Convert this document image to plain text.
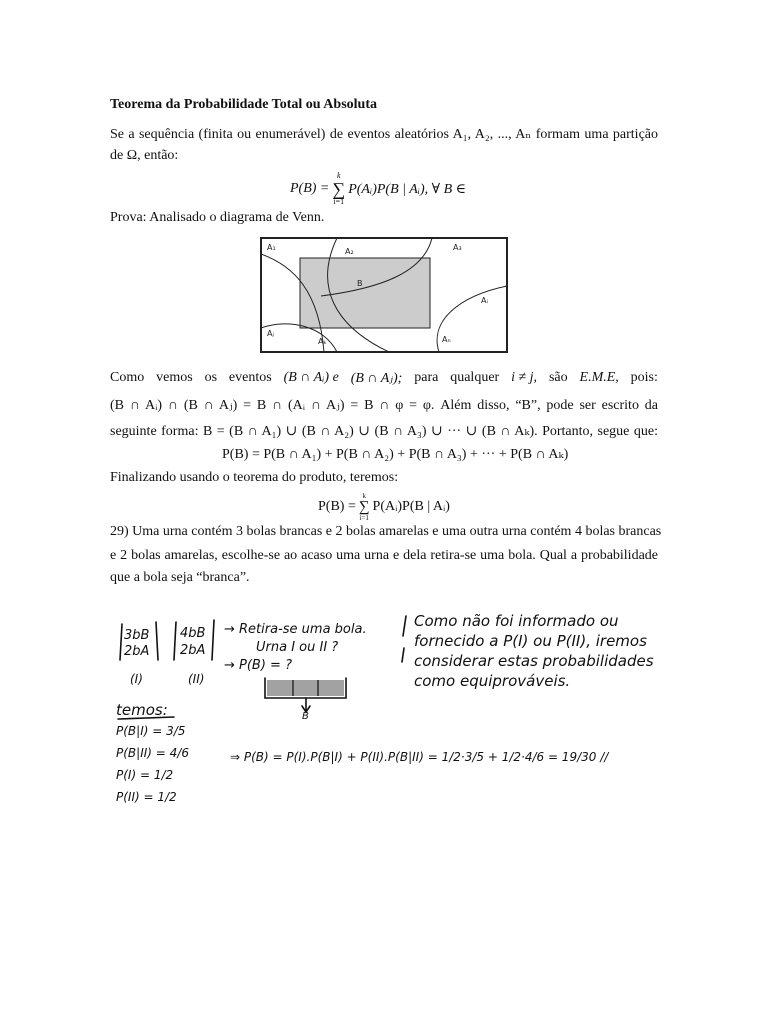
Teorema da Probabilidade Total ou Absoluta
Se a sequência (finita ou enumerável) de eventos aleatórios A₁, A₂, ..., Aₙ formam uma partição
de Ω, então:
P(B) =
k
∑
i=1
P(Aᵢ)P(B | Aᵢ), ∀ B ∈
Prova: Analisado o diagrama de Venn.
A₁	A₂	A₃
Aᵢ
Aⱼ
Aₖ	Aₙ
B
Como vemos os eventos (B ∩ Aᵢ) e (B ∩ Aⱼ); para qualquer i ≠ j, são E.M.E, pois:
(B ∩ Aᵢ) ∩ (B ∩ Aⱼ) = B ∩ (Aᵢ ∩ Aⱼ) = B ∩ φ = φ. Além disso, “B”, pode ser escrito da
seguinte forma: B = (B ∩ A₁) ∪ (B ∩ A₂) ∪ (B ∩ A₃) ∪ ··· ∪ (B ∩ Aₖ). Portanto, segue que:
P(B) = P(B ∩ A₁) + P(B ∩ A₂) + P(B ∩ A₃) + ··· + P(B ∩ Aₖ)
Finalizando usando o teorema do produto, teremos:
P(B) =
k
∑
i=1
P(Aᵢ)P(B | Aᵢ)
29) Uma urna contém 3 bolas brancas e 2 bolas amarelas e uma outra urna contém 4 bolas brancas
e 2 bolas amarelas, escolhe-se ao acaso uma urna e dela retira-se uma bola. Qual a probabilidade
que a bola seja “branca”.
3bB
2bA
(I)
4bB
2bA
(II)
→ Retira-se uma bola.
Urna I ou II ?
→ P(B) = ?
B
Como não foi informado ou
fornecido a P(I) ou P(II), iremos
considerar estas probabilidades
como equiprováveis.
temos:
P(B|I) = 3/5
P(B|II) = 4/6
P(I) = 1/2
P(II) = 1/2
⇒ P(B) = P(I).P(B|I) + P(II).P(B|II) = 1/2·3/5 + 1/2·4/6 = 19/30 //
